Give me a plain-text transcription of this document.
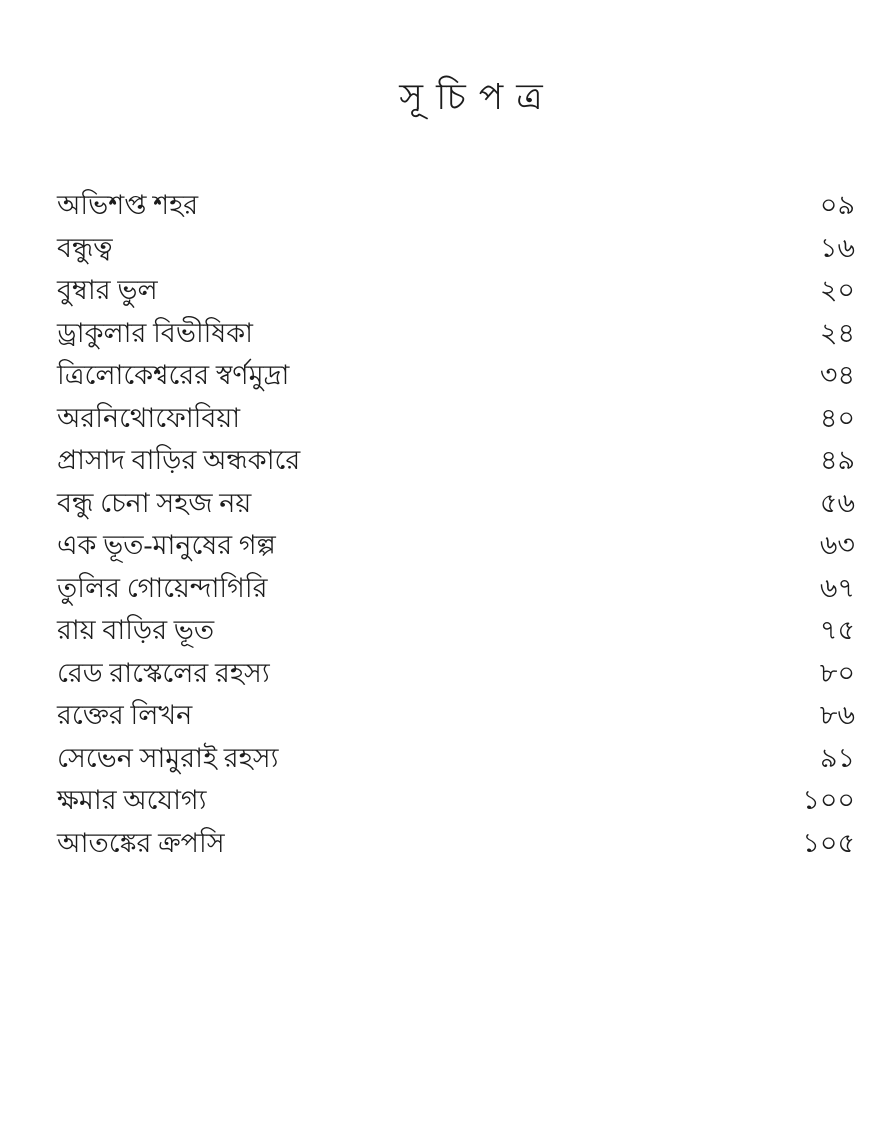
সূ চি প ত্র
অভিশপ্ত শহর	০৯
বন্ধুত্ব	১৬
বুম্বার ভুল	২০
ড্রাকুলার বিভীষিকা	২৪
ত্রিলোকেশ্বরের স্বর্ণমুদ্রা	৩৪
অরনিথোফোবিয়া	৪০
প্রাসাদ বাড়ির অন্ধকারে	৪৯
বন্ধু চেনা সহজ নয়	৫৬
এক ভূত-মানুষের গল্প	৬৩
তুলির গোয়েন্দাগিরি	৬৭
রায় বাড়ির ভূত	৭৫
রেড রাস্কেলের রহস্য	৮০
রক্তের লিখন	৮৬
সেভেন সামুরাই রহস্য	৯১
ক্ষমার অযোগ্য	১০০
আতঙ্কের ক্রপসি	১০৫
